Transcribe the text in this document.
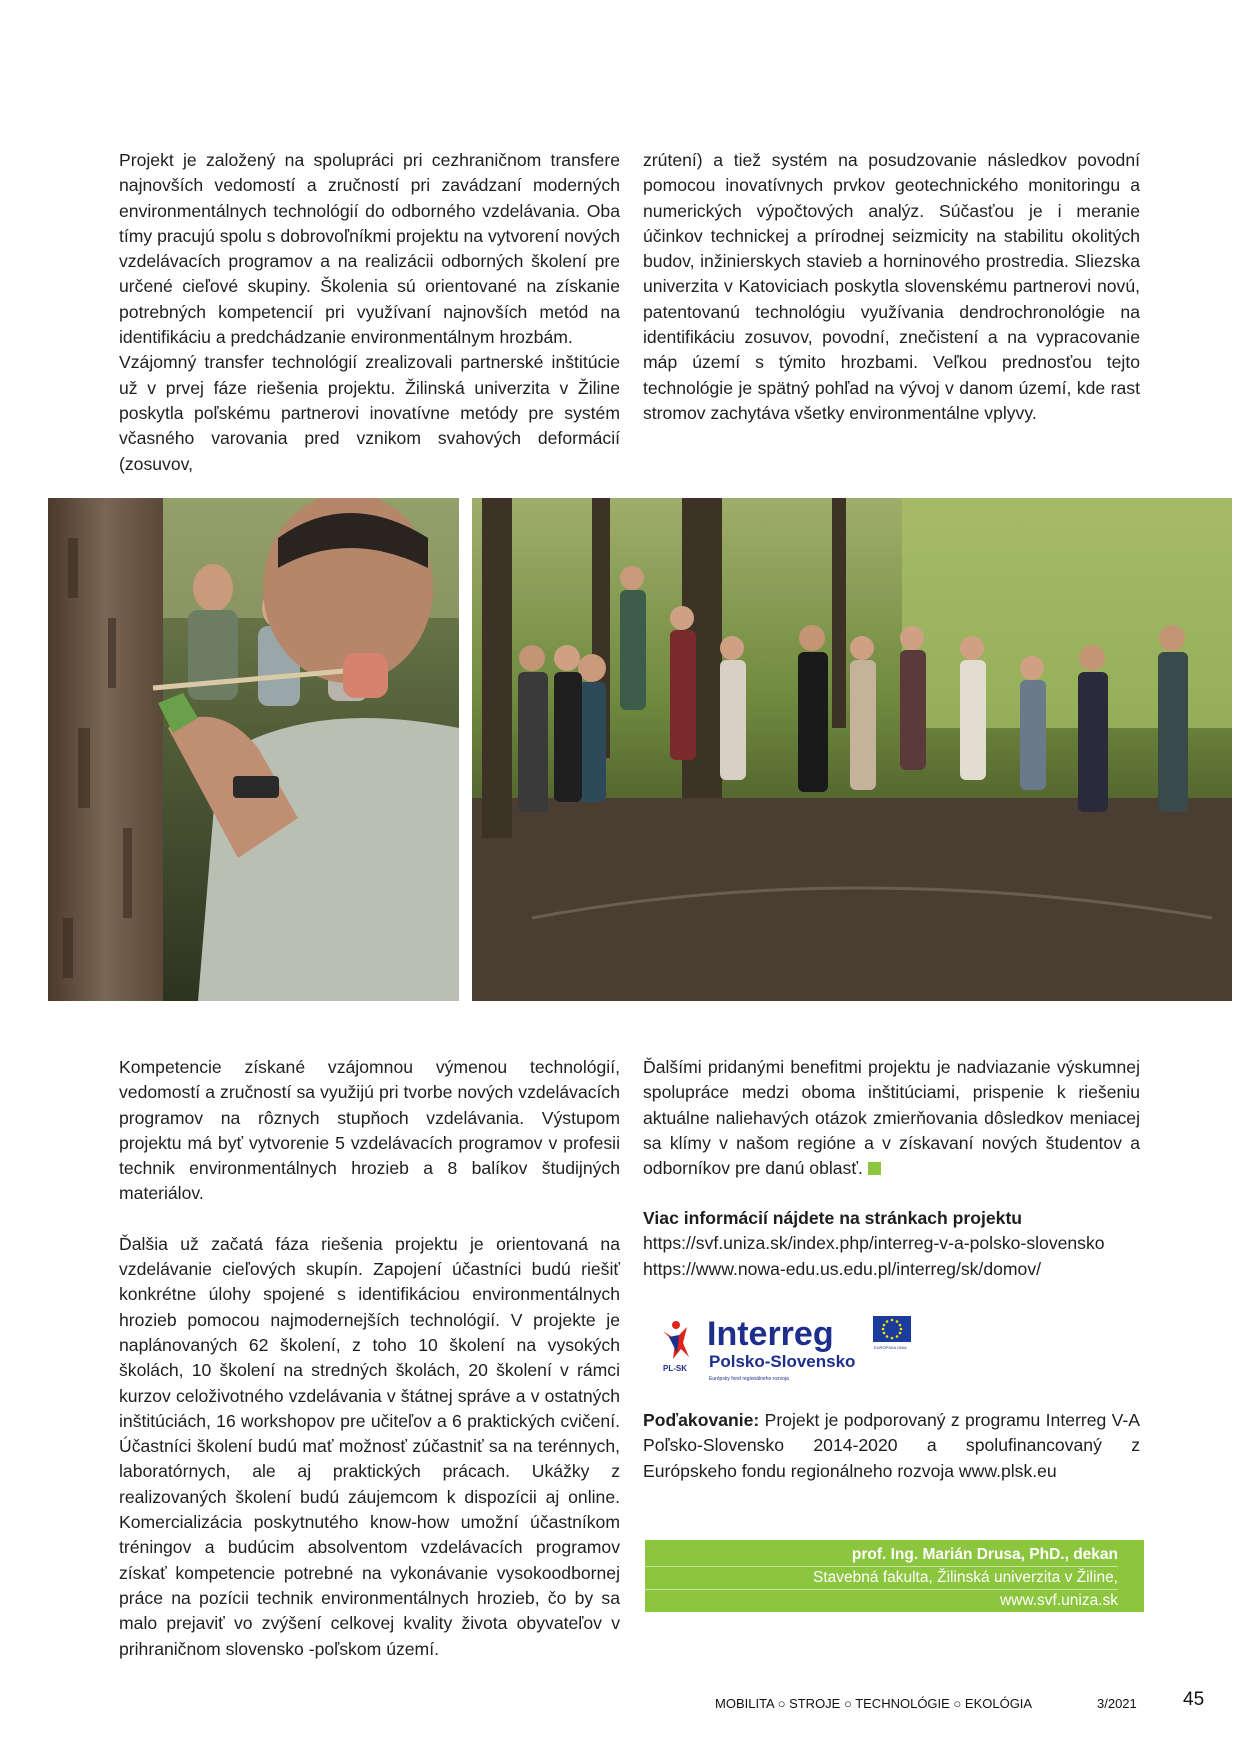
Projekt je založený na spolupráci pri cezhraničnom transfere najnovších vedomostí a zručností pri zavádzaní moderných environmentálnych technológií do odborného vzdelávania. Oba tímy pracujú spolu s dobrovoľníkmi projektu na vytvorení nových vzdelávacích programov a na realizácii odborných školení pre určené cieľové skupiny. Školenia sú orientované na získanie potrebných kompetencií pri využívaní najnovších metód na identifikáciu a predchádzanie environmentálnym hrozbám.

Vzájomný transfer technológií zrealizovali partnerské inštitúcie už v prvej fáze riešenia projektu. Žilinská univerzita v Žiline poskytla poľskému partnerovi inovatívne metódy pre systém včasného varovania pred vznikom svahových deformácií (zosuvov,

zrútení) a tiež systém na posudzovanie následkov povodní pomocou inovatívnych prvkov geotechnického monitoringu a numerických výpočtových analýz. Súčasťou je i meranie účinkov technickej a prírodnej seizmicity na stabilitu okolitých budov, inžinierskych stavieb a horninového prostredia. Sliezska univerzita v Katoviciach poskytla slovenskému partnerovi novú, patentovanú technológiu využívania dendrochronológie na identifikáciu zosuvov, povodní, znečistení a na vypracovanie máp území s týmito hrozbami. Veľkou prednosťou tejto technológie je spätný pohľad na vývoj v danom území, kde rast stromov zachytáva všetky environmentálne vplyvy.

Kompetencie získané vzájomnou výmenou technológií, vedomostí a zručností sa využijú pri tvorbe nových vzdelávacích programov na rôznych stupňoch vzdelávania. Výstupom projektu má byť vytvorenie 5 vzdelávacích programov v profesii technik environmentálnych hrozieb a 8 balíkov študijných materiálov.

Ďalšia už začatá fáza riešenia projektu je orientovaná na vzdelávanie cieľových skupín. Zapojení účastníci budú riešiť konkrétne úlohy spojené s identifikáciou environmentálnych hrozieb pomocou najmodernejších technológií. V projekte je naplánovaných 62 školení, z toho 10 školení na vysokých školách, 10 školení na stredných školách, 20 školení v rámci kurzov celoživotného vzdelávania v štátnej správe a v ostatných inštitúciách, 16 workshopov pre učiteľov a 6 praktických cvičení. Účastníci školení budú mať možnosť zúčastniť sa na terénnych, laboratórnych, ale aj praktických prácach. Ukážky z realizovaných školení budú záujemcom k dispozícii aj online. Komercializácia poskytnutého know-how umožní účastníkom tréningov a budúcim absolventom vzdelávacích programov získať kompetencie potrebné na vykonávanie vysokoodbornej práce na pozícii technik environmentálnych hrozieb, čo by sa malo prejaviť vo zvýšení celkovej kvality života obyvateľov v prihraničnom slovensko -poľskom území.

Ďalšími pridanými benefitmi projektu je nadviazanie výskumnej spolupráce medzi oboma inštitúciami, prispenie k riešeniu aktuálne naliehavých otázok zmierňovania dôsledkov meniacej sa klímy v našom regióne a v získavaní nových študentov a odborníkov pre danú oblasť.

Viac informácií nájdete na stránkach projektu
https://svf.uniza.sk/index.php/interreg-v-a-polsko-slovensko
https://www.nowa-edu.us.edu.pl/interreg/sk/domov/
PL-SK
Interreg
Polsko-Slovensko
Európsky fond regionálneho rozvoja
EURÓPSKA ÚNIA
Poďakovanie: Projekt je podporovaný z programu Interreg V-A Poľsko-Slovensko 2014-2020 a spolufinancovaný z Európskeho fondu regionálneho rozvoja www.plsk.eu
prof. Ing. Marián Drusa, PhD., dekan
Stavebná fakulta, Žilinská univerzita v Žiline,
www.svf.uniza.sk
MOBILITA ○ STROJE ○ TECHNOLÓGIE ○ EKOLÓGIA	3/2021 45
